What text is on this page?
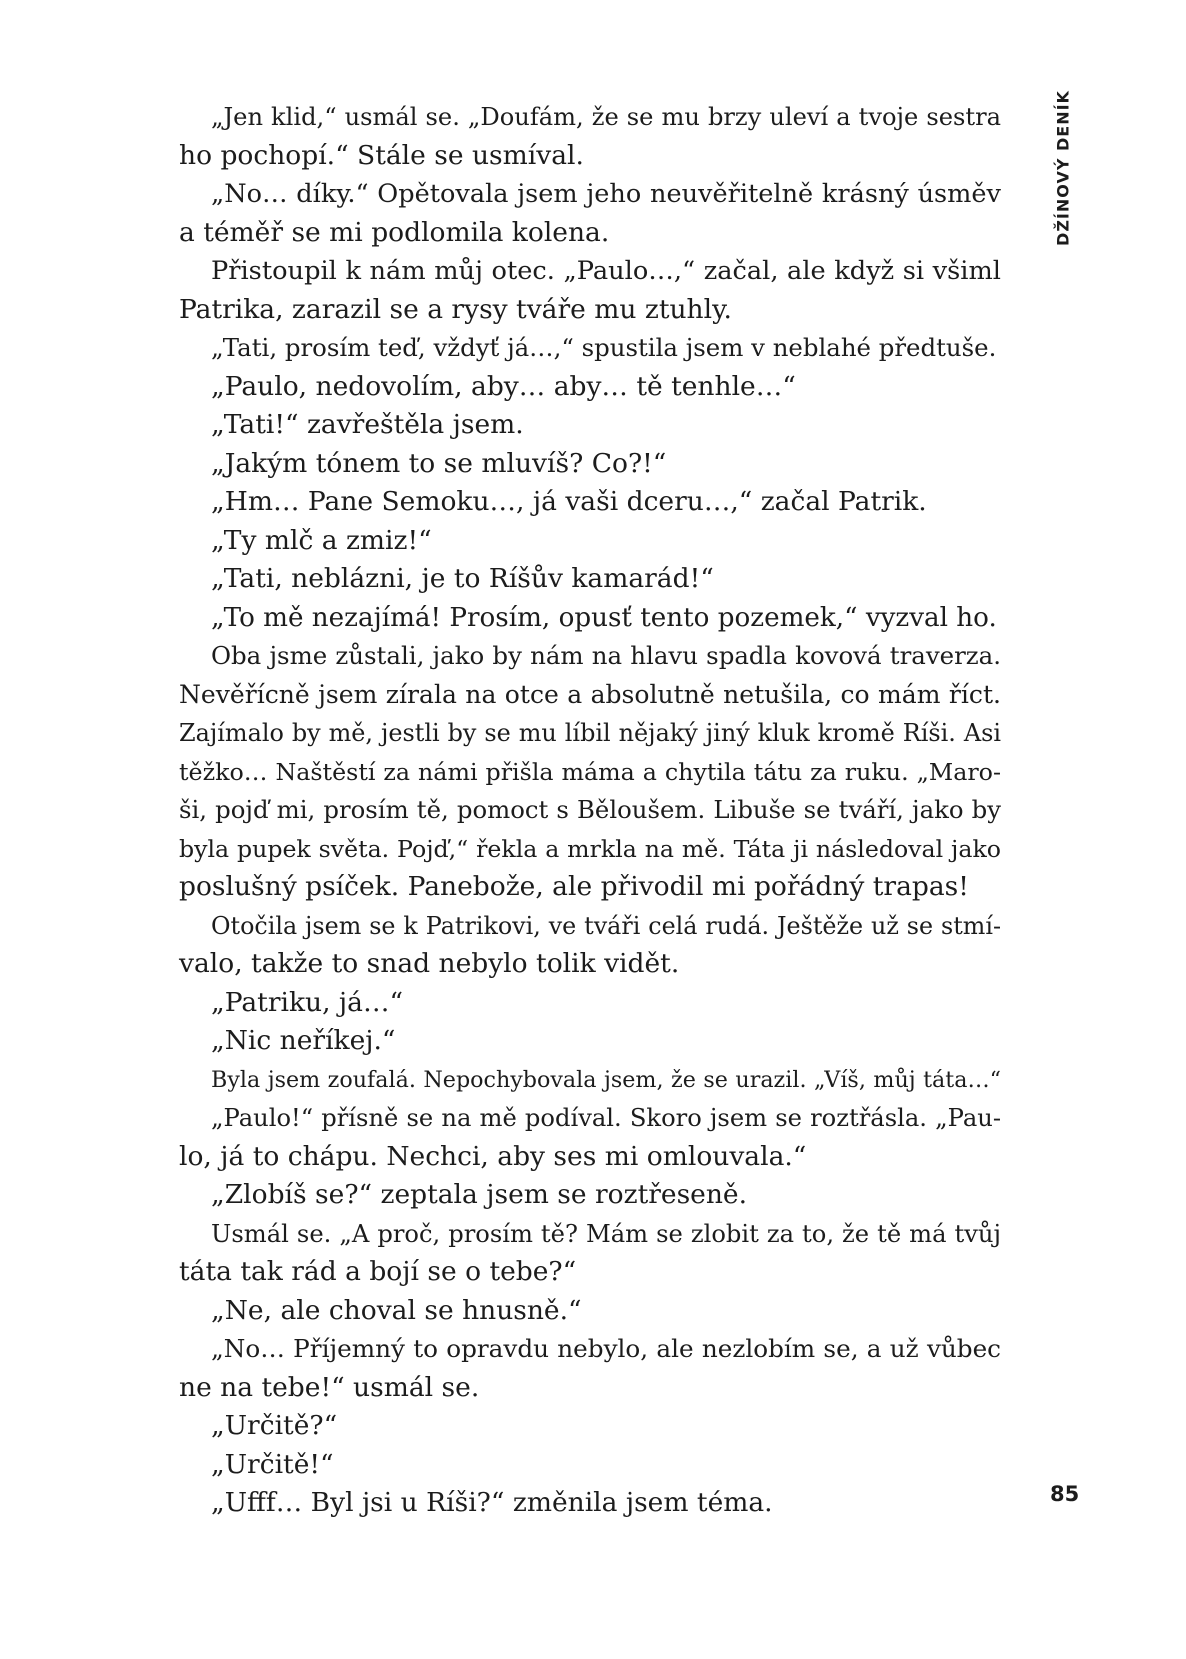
DŽÍNOVÝ DENÍK
„Jen klid,“ usmál se. „Doufám, že se mu brzy uleví a tvoje sestra
ho pochopí.“ Stále se usmíval.
„No… díky.“ Opětovala jsem jeho neuvěřitelně krásný úsměv
a téměř se mi podlomila kolena.
Přistoupil k nám můj otec. „Paulo…,“ začal, ale když si všiml
Patrika, zarazil se a rysy tváře mu ztuhly.
„Tati, prosím teď, vždyť já…,“ spustila jsem v neblahé předtuše.
„Paulo, nedovolím, aby… aby… tě tenhle…“
„Tati!“ zavřeštěla jsem.
„Jakým tónem to se mluvíš? Co?!“
„Hm… Pane Semoku…, já vaši dceru…,“ začal Patrik.
„Ty mlč a zmiz!“
„Tati, neblázni, je to Ríšův kamarád!“
„To mě nezajímá! Prosím, opusť tento pozemek,“ vyzval ho.
Oba jsme zůstali, jako by nám na hlavu spadla kovová traverza.
Nevěřícně jsem zírala na otce a absolutně netušila, co mám říct.
Zajímalo by mě, jestli by se mu líbil nějaký jiný kluk kromě Ríši. Asi
těžko… Naštěstí za námi přišla máma a chytila tátu za ruku. „Maro-
ši, pojď mi, prosím tě, pomoct s Běloušem. Libuše se tváří, jako by
byla pupek světa. Pojď,“ řekla a mrkla na mě. Táta ji následoval jako
poslušný psíček. Panebože, ale přivodil mi pořádný trapas!
Otočila jsem se k Patrikovi, ve tváři celá rudá. Ještěže už se stmí-
valo, takže to snad nebylo tolik vidět.
„Patriku, já…“
„Nic neříkej.“
Byla jsem zoufalá. Nepochybovala jsem, že se urazil. „Víš, můj táta…“
„Paulo!“ přísně se na mě podíval. Skoro jsem se roztřásla. „Pau-
lo, já to chápu. Nechci, aby ses mi omlouvala.“
„Zlobíš se?“ zeptala jsem se roztřeseně.
Usmál se. „A proč, prosím tě? Mám se zlobit za to, že tě má tvůj
táta tak rád a bojí se o tebe?“
„Ne, ale choval se hnusně.“
„No… Příjemný to opravdu nebylo, ale nezlobím se, a už vůbec
ne na tebe!“ usmál se.
„Určitě?“
„Určitě!“
„Ufff… Byl jsi u Ríši?“ změnila jsem téma.	85
